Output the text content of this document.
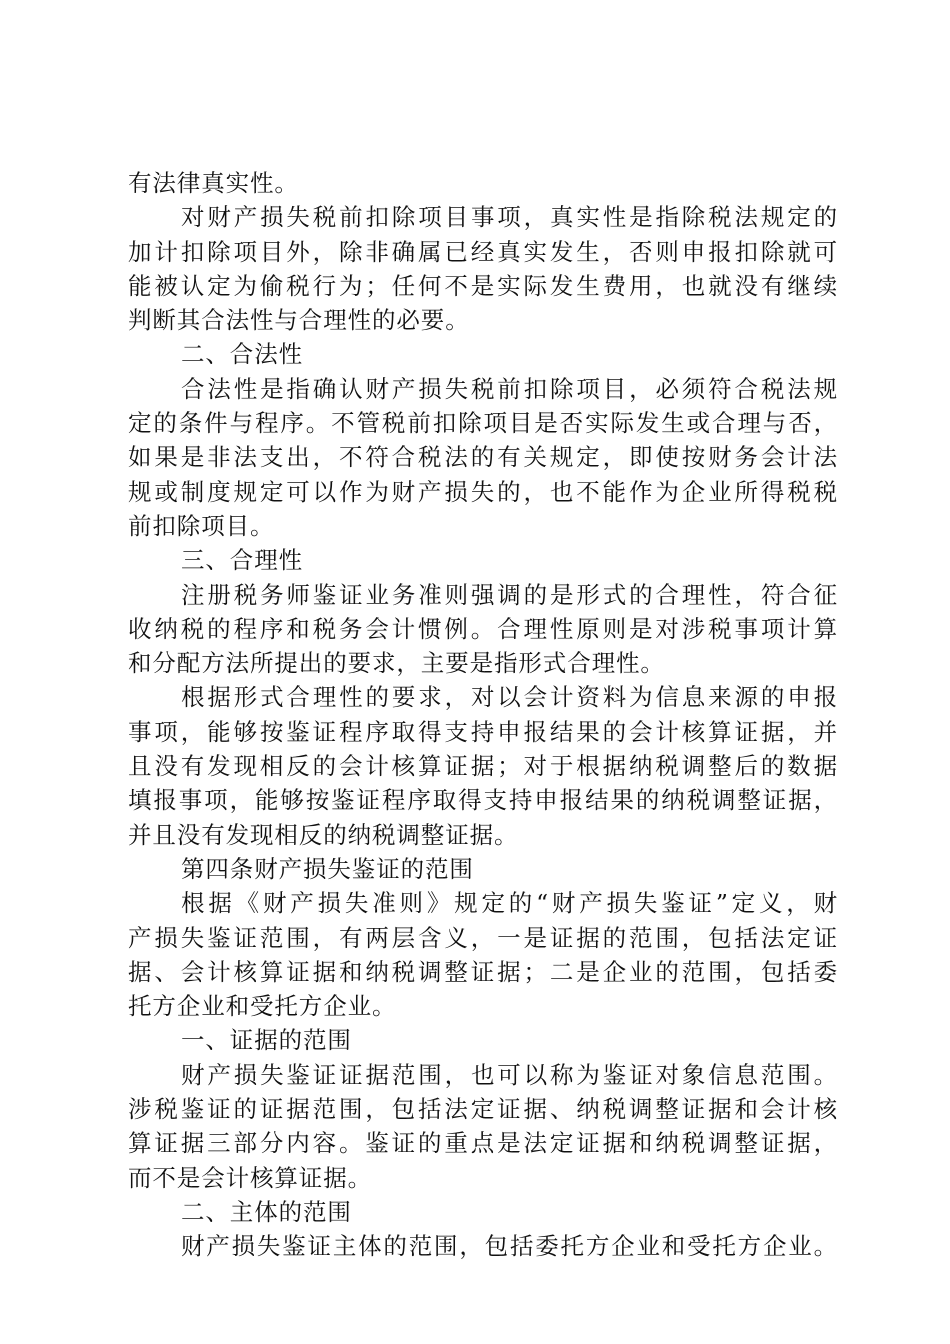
有法律真实性。
对财产损失税前扣除项目事项，真实性是指除税法规定的
加计扣除项目外，除非确属已经真实发生，否则申报扣除就可
能被认定为偷税行为；任何不是实际发生费用，也就没有继续
判断其合法性与合理性的必要。
二、合法性
合法性是指确认财产损失税前扣除项目，必须符合税法规
定的条件与程序。不管税前扣除项目是否实际发生或合理与否，
如果是非法支出，不符合税法的有关规定，即使按财务会计法
规或制度规定可以作为财产损失的，也不能作为企业所得税税
前扣除项目。
三、合理性
注册税务师鉴证业务准则强调的是形式的合理性，符合征
收纳税的程序和税务会计惯例。合理性原则是对涉税事项计算
和分配方法所提出的要求，主要是指形式合理性。
根据形式合理性的要求，对以会计资料为信息来源的申报
事项，能够按鉴证程序取得支持申报结果的会计核算证据，并
且没有发现相反的会计核算证据；对于根据纳税调整后的数据
填报事项，能够按鉴证程序取得支持申报结果的纳税调整证据，
并且没有发现相反的纳税调整证据。
第四条财产损失鉴证的范围
根据《财产损失准则》规定的“财产损失鉴证”定义，财
产损失鉴证范围，有两层含义，一是证据的范围，包括法定证
据、会计核算证据和纳税调整证据；二是企业的范围，包括委
托方企业和受托方企业。
一、证据的范围
财产损失鉴证证据范围，也可以称为鉴证对象信息范围。
涉税鉴证的证据范围，包括法定证据、纳税调整证据和会计核
算证据三部分内容。鉴证的重点是法定证据和纳税调整证据，
而不是会计核算证据。
二、主体的范围
财产损失鉴证主体的范围，包括委托方企业和受托方企业。
